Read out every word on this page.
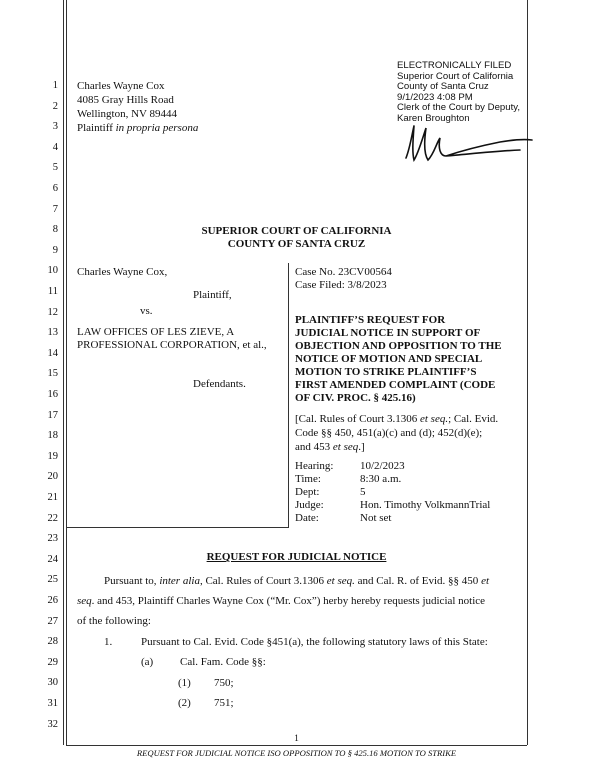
1
2
3
4
5
6
7
8
9
10
11
12
13
14
15
16
17
18
19
20
21
22
23
24
25
26
27
28
29
30
31
32
ELECTRONICALLY FILED
Superior Court of California
County of Santa Cruz
9/1/2023 4:08 PM
Clerk of the Court by Deputy,
Karen Broughton
Charles Wayne Cox
4085 Gray Hills Road
Wellington, NV 89444
Plaintiff in propria persona
SUPERIOR COURT OF CALIFORNIA
COUNTY OF SANTA CRUZ
Charles Wayne Cox,
Plaintiff,
vs.
LAW OFFICES OF LES ZIEVE, A
PROFESSIONAL CORPORATION, et al.,
Defendants.
Case No. 23CV00564
Case Filed: 3/8/2023
PLAINTIFF’S REQUEST FOR
JUDICIAL NOTICE IN SUPPORT OF
OBJECTION AND OPPOSITION TO THE
NOTICE OF MOTION AND SPECIAL
MOTION TO STRIKE PLAINTIFF’S
FIRST AMENDED COMPLAINT (CODE
OF CIV. PROC. § 425.16)
[Cal. Rules of Court 3.1306 et seq.; Cal. Evid.
Code §§ 450, 451(a)(c) and (d); 452(d)(e);
and 453 et seq.]
Hearing: 10/2/2023
Time:	8:30 a.m.
Dept:	5
Judge:	Hon. Timothy VolkmannTrial
Date:	Not set
REQUEST FOR JUDICIAL NOTICE
Pursuant to, inter alia, Cal. Rules of Court 3.1306 et seq. and Cal. R. of Evid. §§ 450 et
seq. and 453, Plaintiff Charles Wayne Cox (“Mr. Cox”) herby hereby requests judicial notice
of the following:
1.	Pursuant to Cal. Evid. Code §451(a), the following statutory laws of this State:
(a) Cal. Fam. Code §§:
(1) 750;
(2) 751;
1
REQUEST FOR JUDICIAL NOTICE ISO OPPOSITION TO § 425.16 MOTION TO STRIKE
